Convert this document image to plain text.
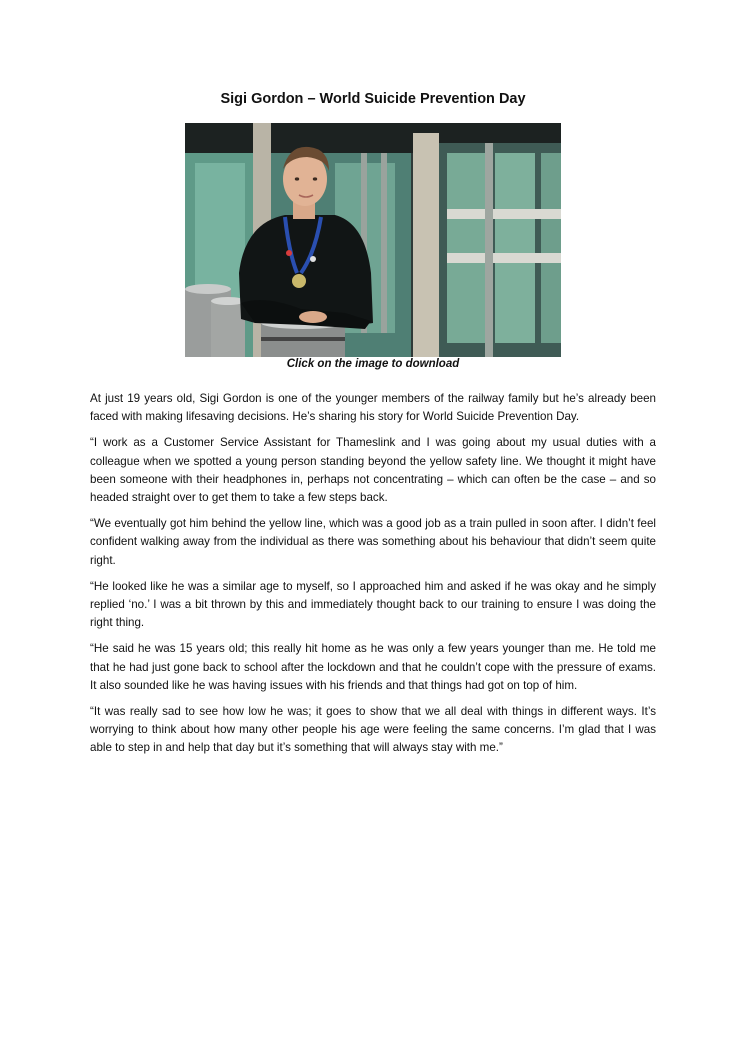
Sigi Gordon – World Suicide Prevention Day

Click on the image to download

At just 19 years old, Sigi Gordon is one of the younger members of the railway family but he’s already been faced with making lifesaving decisions. He’s sharing his story for World Suicide Prevention Day.

“I work as a Customer Service Assistant for Thameslink and I was going about my usual duties with a colleague when we spotted a young person standing beyond the yellow safety line. We thought it might have been someone with their headphones in, perhaps not concentrating – which can often be the case – and so headed straight over to get them to take a few steps back.

“We eventually got him behind the yellow line, which was a good job as a train pulled in soon after. I didn’t feel confident walking away from the individual as there was something about his behaviour that didn’t seem quite right.

“He looked like he was a similar age to myself, so I approached him and asked if he was okay and he simply replied ‘no.’ I was a bit thrown by this and immediately thought back to our training to ensure I was doing the right thing.

“He said he was 15 years old; this really hit home as he was only a few years younger than me. He told me that he had just gone back to school after the lockdown and that he couldn’t cope with the pressure of exams. It also sounded like he was having issues with his friends and that things had got on top of him.

“It was really sad to see how low he was; it goes to show that we all deal with things in different ways. It’s worrying to think about how many other people his age were feeling the same concerns. I’m glad that I was able to step in and help that day but it’s something that will always stay with me.”
